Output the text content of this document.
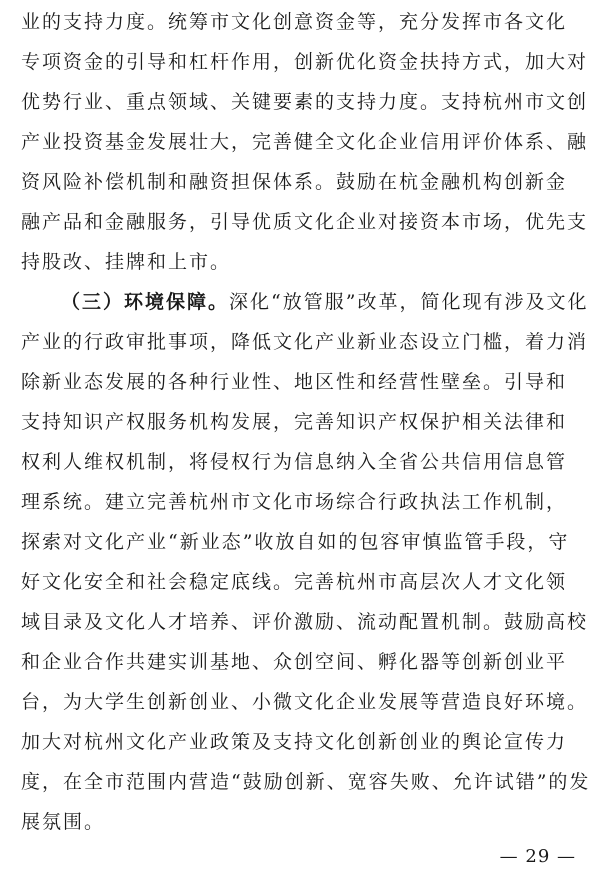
业的支持力度。统筹市文化创意资金等，充分发挥市各文化
专项资金的引导和杠杆作用，创新优化资金扶持方式，加大对
优势行业、重点领域、关键要素的支持力度。支持杭州市文创
产业投资基金发展壮大，完善健全文化企业信用评价体系、融
资风险补偿机制和融资担保体系。鼓励在杭金融机构创新金
融产品和金融服务，引导优质文化企业对接资本市场，优先支
持股改、挂牌和上市。
（三）环境保障。深化“放管服”改革，简化现有涉及文化
产业的行政审批事项，降低文化产业新业态设立门槛，着力消
除新业态发展的各种行业性、地区性和经营性壁垒。引导和
支持知识产权服务机构发展，完善知识产权保护相关法律和
权利人维权机制，将侵权行为信息纳入全省公共信用信息管
理系统。建立完善杭州市文化市场综合行政执法工作机制，
探索对文化产业“新业态”收放自如的包容审慎监管手段，守
好文化安全和社会稳定底线。完善杭州市高层次人才文化领
域目录及文化人才培养、评价激励、流动配置机制。鼓励高校
和企业合作共建实训基地、众创空间、孵化器等创新创业平
台，为大学生创新创业、小微文化企业发展等营造良好环境。
加大对杭州文化产业政策及支持文化创新创业的舆论宣传力
度，在全市范围内营造“鼓励创新、宽容失败、允许试错”的发
展氛围。
— 29 —
